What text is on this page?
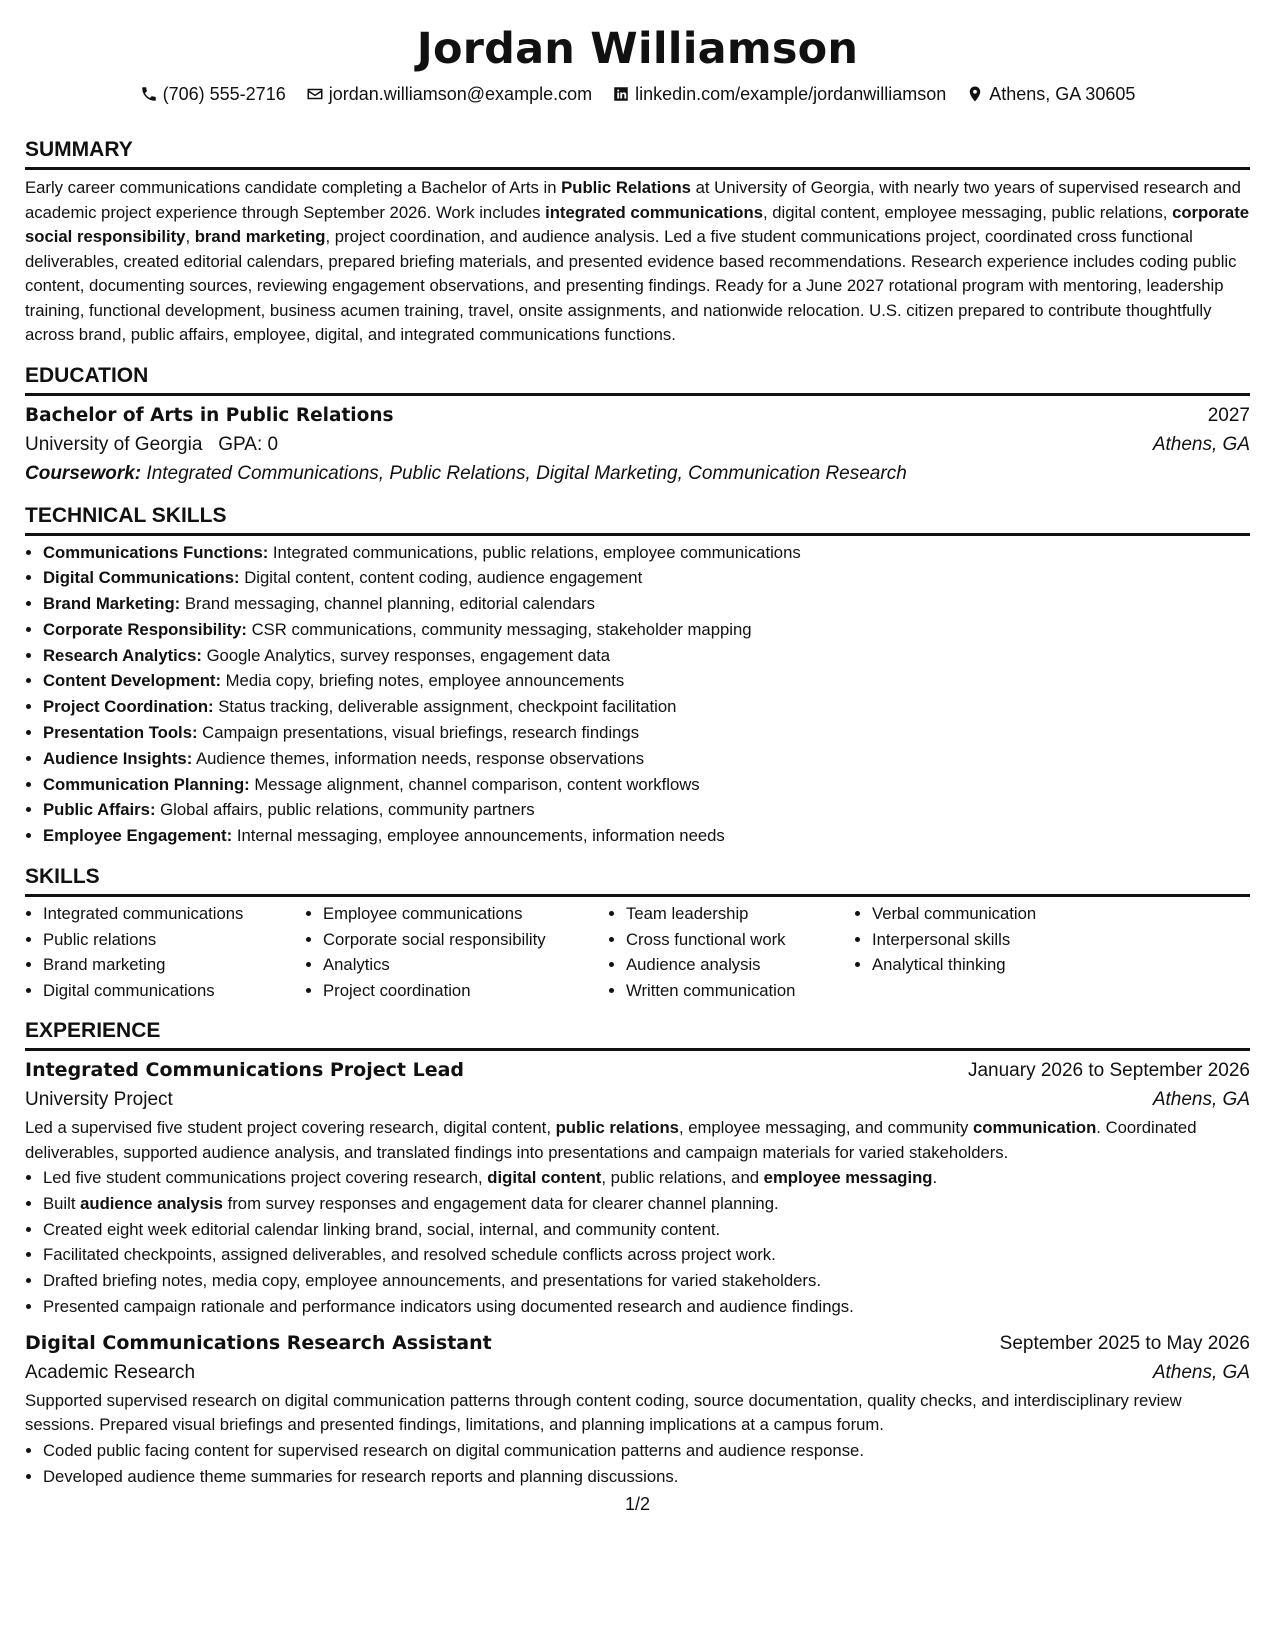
Jordan Williamson
(706) 555-2716 jordan.williamson@example.com linkedin.com/example/jordanwilliamson Athens, GA 30605
SUMMARY

Early career communications candidate completing a Bachelor of Arts in Public Relations at University of Georgia, with nearly two years of supervised research and academic project experience through September 2026. Work includes integrated communications, digital content, employee messaging, public relations, corporate social responsibility, brand marketing, project coordination, and audience analysis. Led a five student communications project, coordinated cross functional deliverables, created editorial calendars, prepared briefing materials, and presented evidence based recommendations. Research experience includes coding public content, documenting sources, reviewing engagement observations, and presenting findings. Ready for a June 2027 rotational program with mentoring, leadership training, functional development, business acumen training, travel, onsite assignments, and nationwide relocation. U.S. citizen prepared to contribute thoughtfully across brand, public affairs, employee, digital, and integrated communications functions.

EDUCATION
Bachelor of Arts in Public Relations	2027
University of Georgia GPA: 0	Athens, GA
Coursework: Integrated Communications, Public Relations, Digital Marketing, Communication Research
TECHNICAL SKILLS
• Communications Functions: Integrated communications, public relations, employee communications
• Digital Communications: Digital content, content coding, audience engagement
• Brand Marketing: Brand messaging, channel planning, editorial calendars
• Corporate Responsibility: CSR communications, community messaging, stakeholder mapping
• Research Analytics: Google Analytics, survey responses, engagement data
• Content Development: Media copy, briefing notes, employee announcements
• Project Coordination: Status tracking, deliverable assignment, checkpoint facilitation
• Presentation Tools: Campaign presentations, visual briefings, research findings
• Audience Insights: Audience themes, information needs, response observations
• Communication Planning: Message alignment, channel comparison, content workflows
• Public Affairs: Global affairs, public relations, community partners
• Employee Engagement: Internal messaging, employee announcements, information needs
SKILLS
• Integrated communications
• Public relations
• Brand marketing
• Digital communications
• Employee communications
• Corporate social responsibility
• Analytics
• Project coordination
• Team leadership
• Cross functional work
• Audience analysis
• Written communication
• Verbal communication
• Interpersonal skills
• Analytical thinking
EXPERIENCE
Integrated Communications Project Lead	January 2026 to September 2026
University Project	Athens, GA

Led a supervised five student project covering research, digital content, public relations, employee messaging, and community communication. Coordinated deliverables, supported audience analysis, and translated findings into presentations and campaign materials for varied stakeholders.

• Led five student communications project covering research, digital content, public relations, and employee messaging.
• Built audience analysis from survey responses and engagement data for clearer channel planning.
• Created eight week editorial calendar linking brand, social, internal, and community content.
• Facilitated checkpoints, assigned deliverables, and resolved schedule conflicts across project work.
• Drafted briefing notes, media copy, employee announcements, and presentations for varied stakeholders.
• Presented campaign rationale and performance indicators using documented research and audience findings.
Digital Communications Research Assistant	September 2025 to May 2026
Academic Research	Athens, GA

Supported supervised research on digital communication patterns through content coding, source documentation, quality checks, and interdisciplinary review sessions. Prepared visual briefings and presented findings, limitations, and planning implications at a campus forum.

• Coded public facing content for supervised research on digital communication patterns and audience response.
• Developed audience theme summaries for research reports and planning discussions.
1/2
